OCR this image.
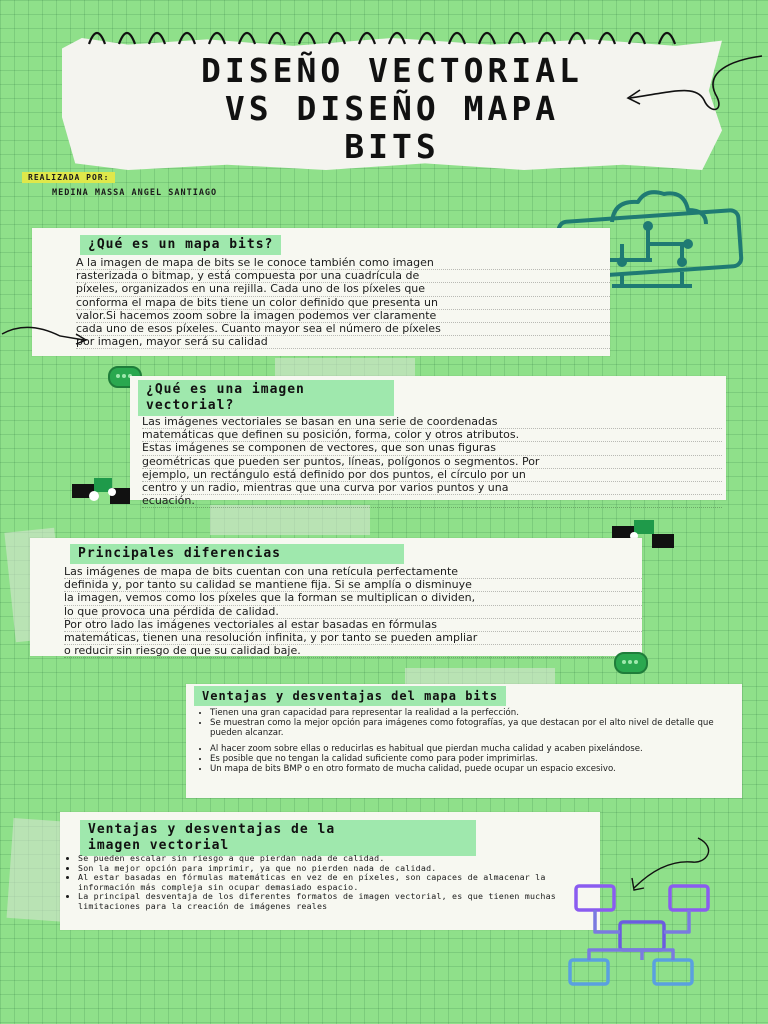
DISEÑO VECTORIAL
VS DISEÑO MAPA
BITS
REALIZADA POR:
MEDINA MASSA ANGEL SANTIAGO
¿Qué es un mapa bits?
A la imagen de mapa de bits se le conoce también como imagen
rasterizada o bitmap, y está compuesta por una cuadrícula de
píxeles, organizados en una rejilla. Cada uno de los píxeles que
conforma el mapa de bits tiene un color definido que presenta un
valor.Si hacemos zoom sobre la imagen podemos ver claramente
cada uno de esos píxeles. Cuanto mayor sea el número de píxeles
por imagen, mayor será su calidad
¿Qué es una imagen
vectorial?
Las imágenes vectoriales se basan en una serie de coordenadas
matemáticas que definen su posición, forma, color y otros atributos.
Estas imágenes se componen de vectores, que son unas figuras
geométricas que pueden ser puntos, líneas, polígonos o segmentos. Por
ejemplo, un rectángulo está definido por dos puntos, el círculo por un
centro y un radio, mientras que una curva por varios puntos y una
ecuación.
Principales diferencias
Las imágenes de mapa de bits cuentan con una retícula perfectamente
definida y, por tanto su calidad se mantiene fija. Si se amplía o disminuye
la imagen, vemos como los píxeles que la forman se multiplican o dividen,
lo que provoca una pérdida de calidad.
Por otro lado las imágenes vectoriales al estar basadas en fórmulas
matemáticas, tienen una resolución infinita, y por tanto se pueden ampliar
o reducir sin riesgo de que su calidad baje.
Ventajas y desventajas del mapa bits
• Tienen una gran capacidad para representar la realidad a la perfección.
• Se muestran como la mejor opción para imágenes como fotografías, ya que destacan por el alto nivel de detalle que pueden alcanzar.
• Al hacer zoom sobre ellas o reducirlas es habitual que pierdan mucha calidad y acaben pixelándose.
• Es posible que no tengan la calidad suficiente como para poder imprimirlas.
• Un mapa de bits BMP o en otro formato de mucha calidad, puede ocupar un espacio excesivo.
Ventajas y desventajas de la
imagen vectorial
• Se pueden escalar sin riesgo a que pierdan nada de calidad.
• Son la mejor opción para imprimir, ya que no pierden nada de calidad.
• Al estar basadas en fórmulas matemáticas en vez de en píxeles, son capaces de almacenar la información más compleja sin ocupar demasiado espacio.
• La principal desventaja de los diferentes formatos de imagen vectorial, es que tienen muchas limitaciones para la creación de imágenes reales
